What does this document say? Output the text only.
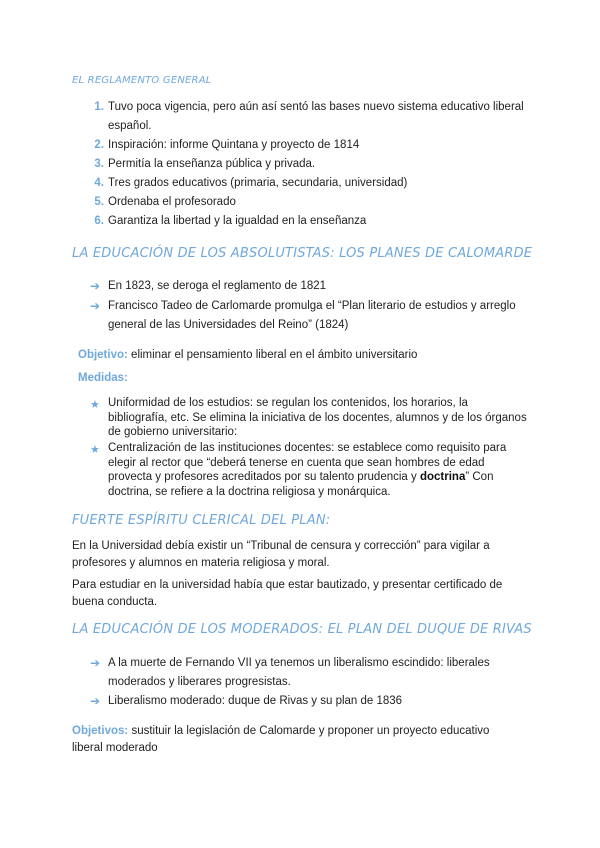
EL REGLAMENTO GENERAL
1. Tuvo poca vigencia, pero aún así sentó las bases nuevo sistema educativo liberal español.
2. Inspiración: informe Quintana y proyecto de 1814
3. Permitía la enseñanza pública y privada.
4. Tres grados educativos (primaria, secundaria, universidad)
5. Ordenaba el profesorado
6. Garantiza la libertad y la igualdad en la enseñanza
LA EDUCACIÓN DE LOS ABSOLUTISTAS: LOS PLANES DE CALOMARDE
➔ En 1823, se deroga el reglamento de 1821
➔ Francisco Tadeo de Carlomarde promulga el “Plan literario de estudios y arreglo general de las Universidades del Reino” (1824)
Objetivo: eliminar el pensamiento liberal en el ámbito universitario
Medidas:
★ Uniformidad de los estudios: se regulan los contenidos, los horarios, la bibliografía, etc. Se elimina la iniciativa de los docentes, alumnos y de los órganos de gobierno universitario:
★ Centralización de las instituciones docentes: se establece como requisito para elegir al rector que “deberá tenerse en cuenta que sean hombres de edad provecta y profesores acreditados por su talento prudencia y doctrina” Con doctrina, se refiere a la doctrina religiosa y monárquica.
FUERTE ESPÍRITU CLERICAL DEL PLAN:
En la Universidad debía existir un “Tribunal de censura y corrección” para vigilar a profesores y alumnos en materia religiosa y moral.
Para estudiar en la universidad había que estar bautizado, y presentar certificado de buena conducta.
LA EDUCACIÓN DE LOS MODERADOS: EL PLAN DEL DUQUE DE RIVAS
➔ A la muerte de Fernando VII ya tenemos un liberalismo escindido: liberales moderados y liberares progresistas.
➔ Liberalismo moderado: duque de Rivas y su plan de 1836
Objetivos: sustituir la legislación de Calomarde y proponer un proyecto educativo liberal moderado
